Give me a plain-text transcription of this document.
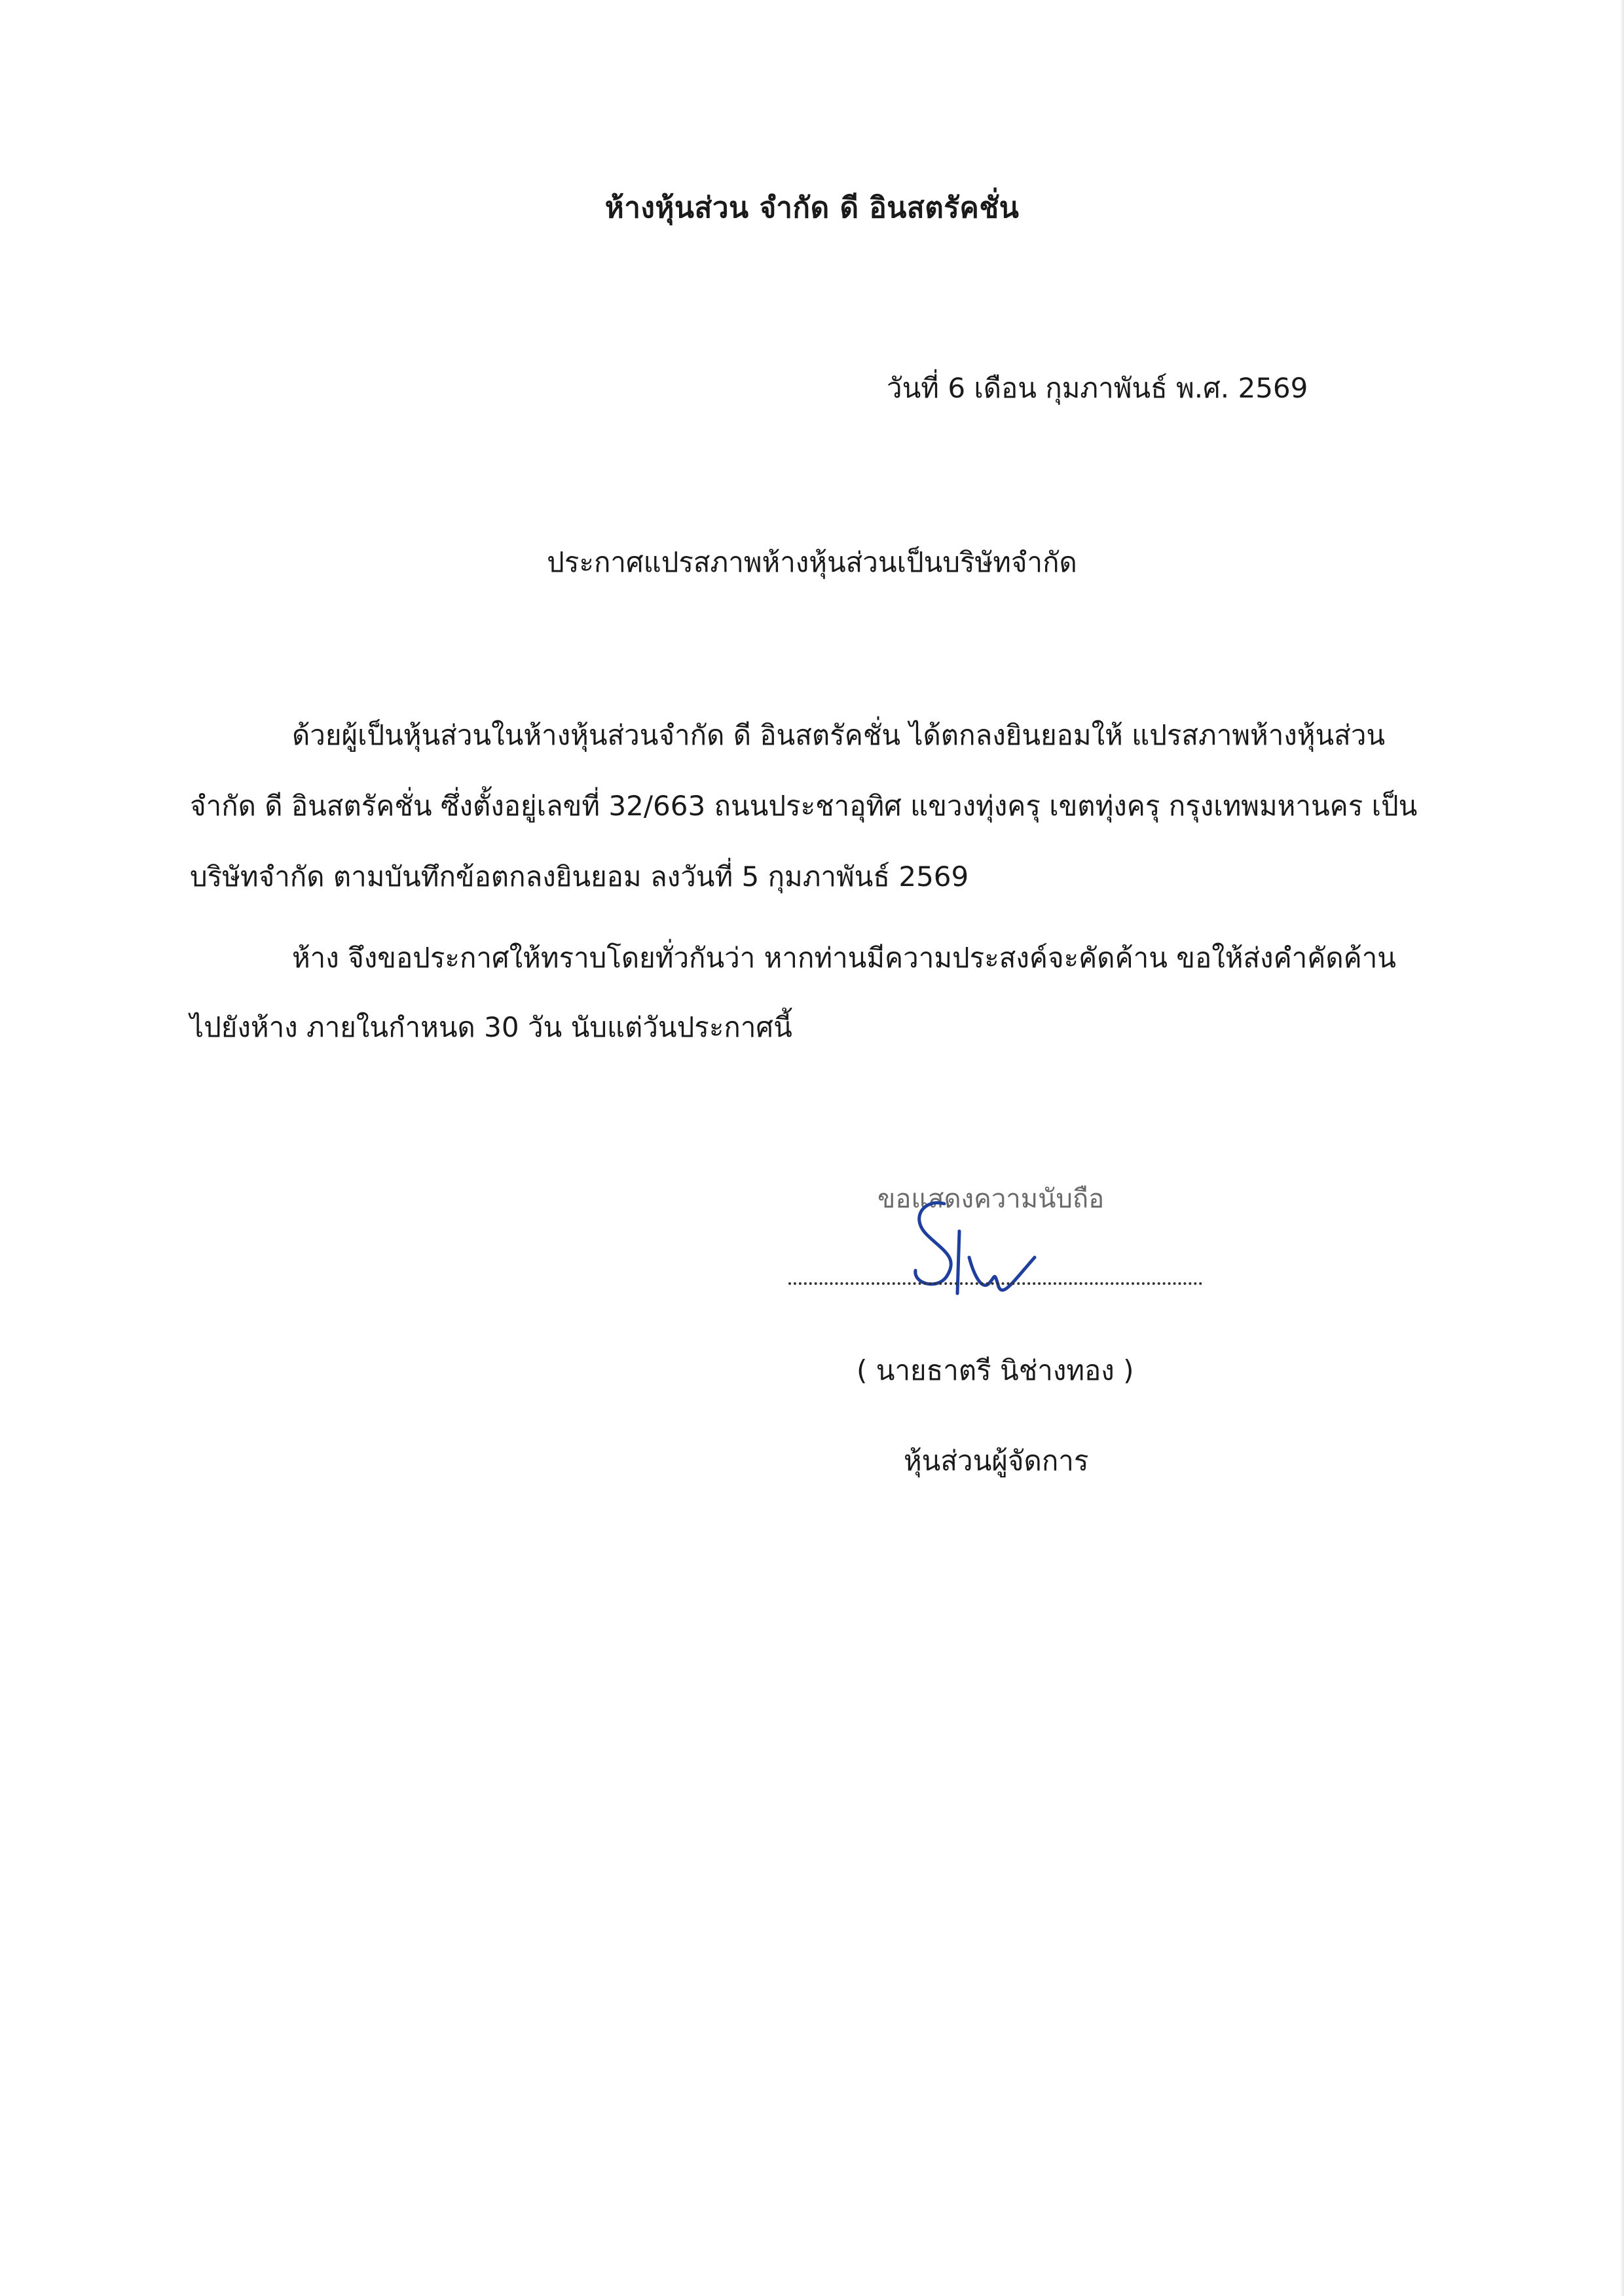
ห้างหุ้นส่วน จำกัด ดี อินสตรัคชั่น
วันที่ 6 เดือน กุมภาพันธ์ พ.ศ. 2569
ประกาศแปรสภาพห้างหุ้นส่วนเป็นบริษัทจำกัด
ด้วยผู้เป็นหุ้นส่วนในห้างหุ้นส่วนจำกัด ดี อินสตรัคชั่น ได้ตกลงยินยอมให้ แปรสภาพห้างหุ้นส่วน
จำกัด ดี อินสตรัคชั่น ซึ่งตั้งอยู่เลขที่ 32/663 ถนนประชาอุทิศ แขวงทุ่งครุ เขตทุ่งครุ กรุงเทพมหานคร เป็น
บริษัทจำกัด ตามบันทึกข้อตกลงยินยอม ลงวันที่ 5 กุมภาพันธ์ 2569
ห้าง จึงขอประกาศให้ทราบโดยทั่วกันว่า หากท่านมีความประสงค์จะคัดค้าน ขอให้ส่งคำคัดค้าน
ไปยังห้าง ภายในกำหนด 30 วัน นับแต่วันประกาศนี้
ขอแสดงความนับถือ
( นายธาตรี นิช่างทอง )
หุ้นส่วนผู้จัดการ
